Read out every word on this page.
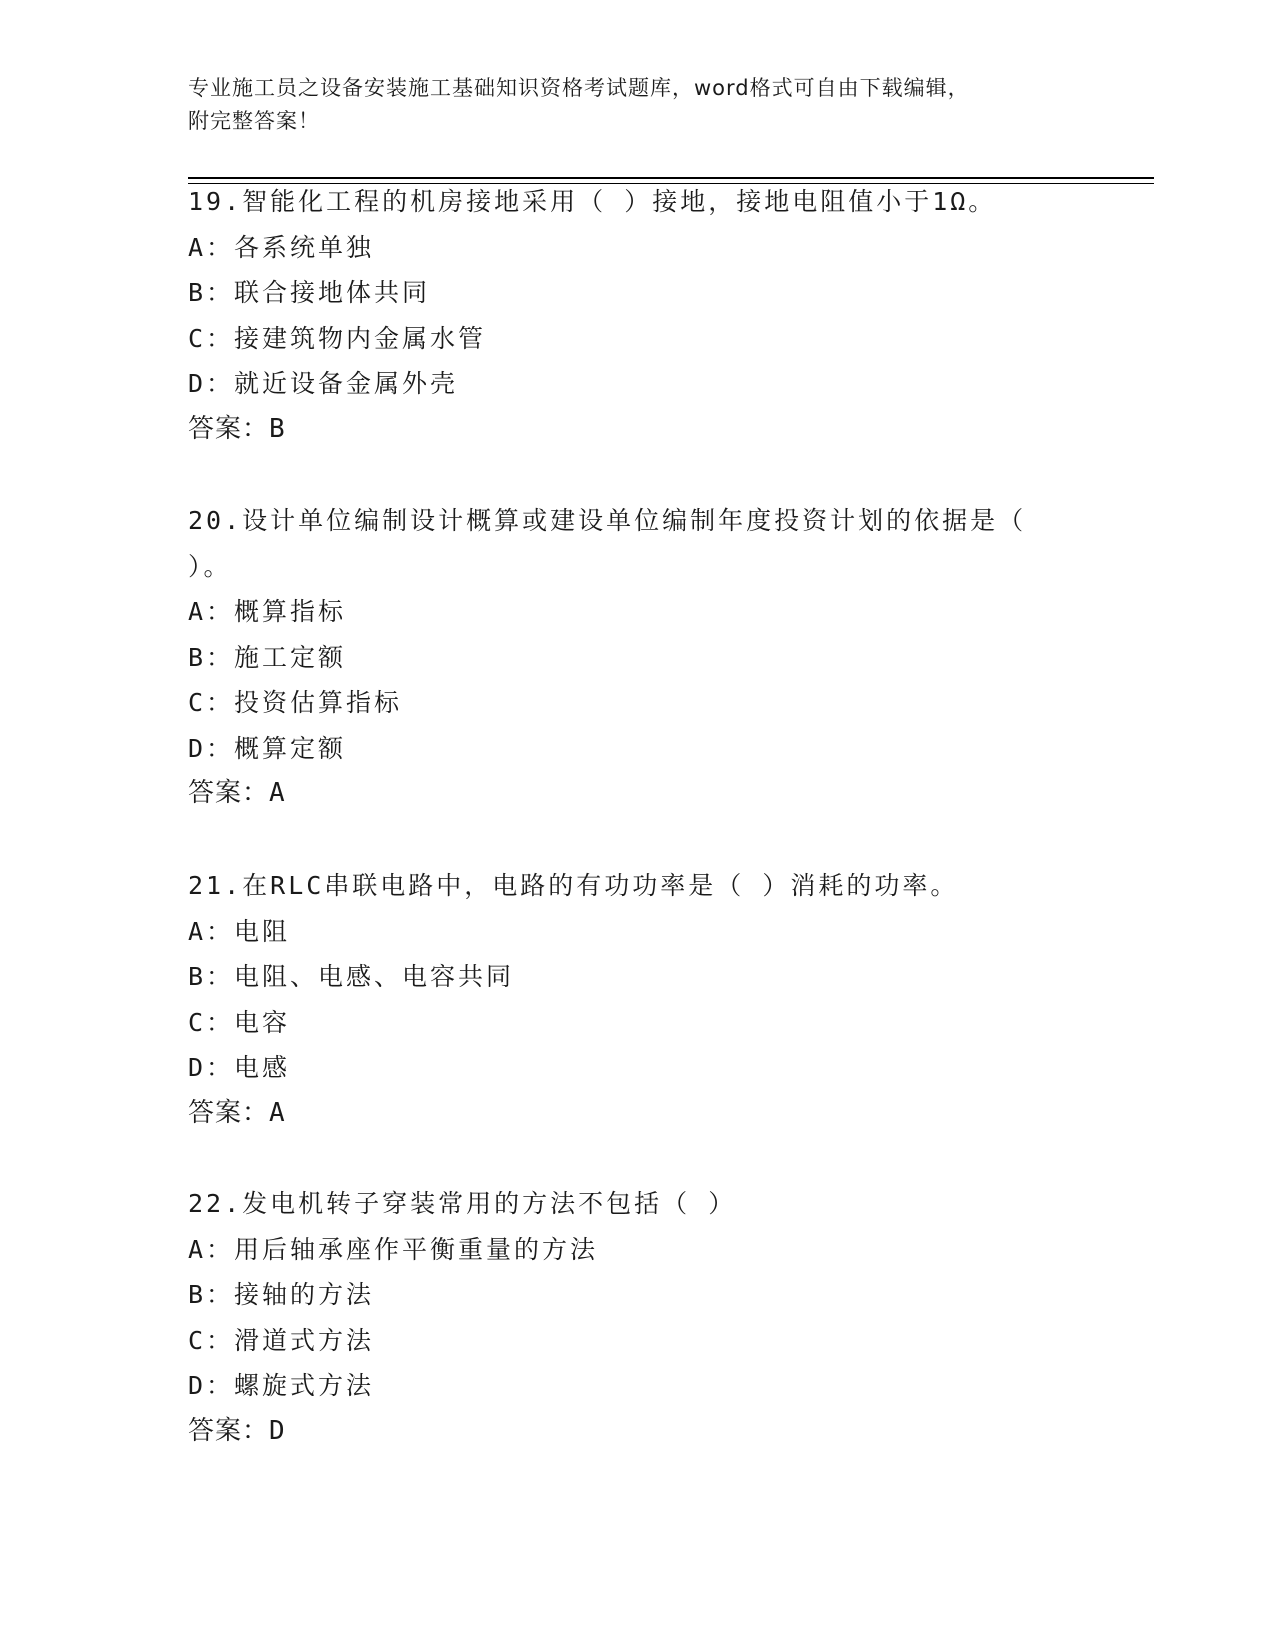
专业施工员之设备安装施工基础知识资格考试题库，word格式可自由下载编辑，
附完整答案！
19.智能化工程的机房接地采用（ ）接地，接地电阻值小于1Ω。
A：各系统单独
B：联合接地体共同
C：接建筑物内金属水管
D：就近设备金属外壳
答案：B
20.设计单位编制设计概算或建设单位编制年度投资计划的依据是（
）。
A：概算指标
B：施工定额
C：投资估算指标
D：概算定额
答案：A
21.在RLC串联电路中，电路的有功功率是（ ）消耗的功率。
A：电阻
B：电阻、电感、电容共同
C：电容
D：电感
答案：A
22.发电机转子穿装常用的方法不包括（ ）
A：用后轴承座作平衡重量的方法
B：接轴的方法
C：滑道式方法
D：螺旋式方法
答案：D
